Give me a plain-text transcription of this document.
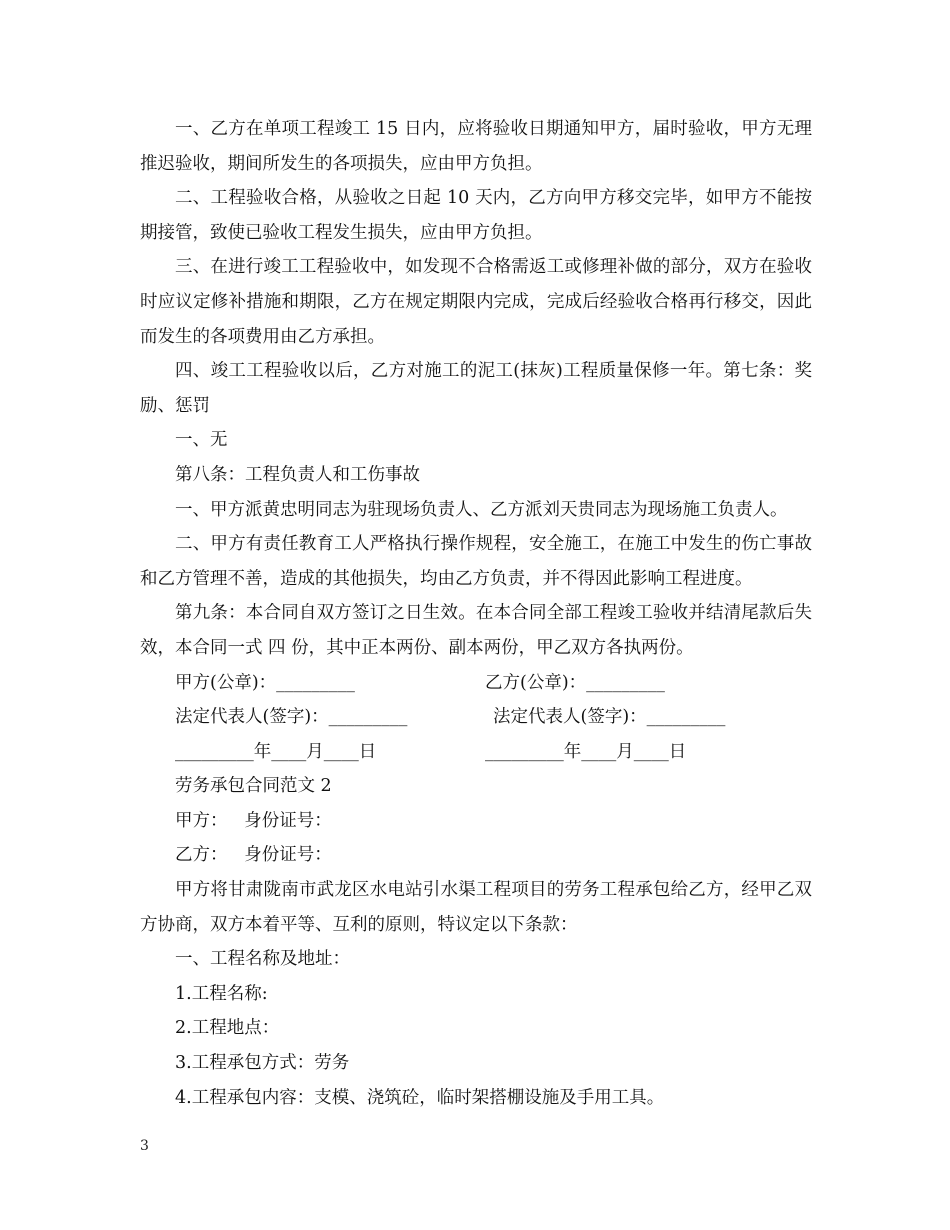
一、乙方在单项工程竣工 15 日内，应将验收日期通知甲方，届时验收，甲方无理推迟验收，期间所发生的各项损失，应由甲方负担。

二、工程验收合格，从验收之日起 10 天内，乙方向甲方移交完毕，如甲方不能按期接管，致使已验收工程发生损失，应由甲方负担。

三、在进行竣工工程验收中，如发现不合格需返工或修理补做的部分，双方在验收时应议定修补措施和期限，乙方在规定期限内完成，完成后经验收合格再行移交，因此而发生的各项费用由乙方承担。

四、竣工工程验收以后，乙方对施工的泥工(抹灰)工程质量保修一年。第七条：奖励、惩罚

一、无

第八条：工程负责人和工伤事故

一、甲方派黄忠明同志为驻现场负责人、乙方派刘天贵同志为现场施工负责人。

二、甲方有责任教育工人严格执行操作规程，安全施工，在施工中发生的伤亡事故和乙方管理不善，造成的其他损失，均由乙方负责，并不得因此影响工程进度。

第九条：本合同自双方签订之日生效。在本合同全部工程竣工验收并结清尾款后失效，本合同一式 四 份，其中正本两份、副本两份，甲乙双方各执两份。

甲方(公章)：_________

	乙方(公章)：_________

法定代表人(签字)：_________

	法定代表人(签字)：_________

_________年____月____日

	_________年____月____日

劳务承包合同范文 2

甲方：   身份证号：

乙方：   身份证号：

甲方将甘肃陇南市武龙区水电站引水渠工程项目的劳务工程承包给乙方，经甲乙双方协商，双方本着平等、互利的原则，特议定以下条款：

一、工程名称及地址：

1.工程名称:

2.工程地点：

3.工程承包方式：劳务

4.工程承包内容：支模、浇筑砼，临时架搭棚设施及手用工具。

3
